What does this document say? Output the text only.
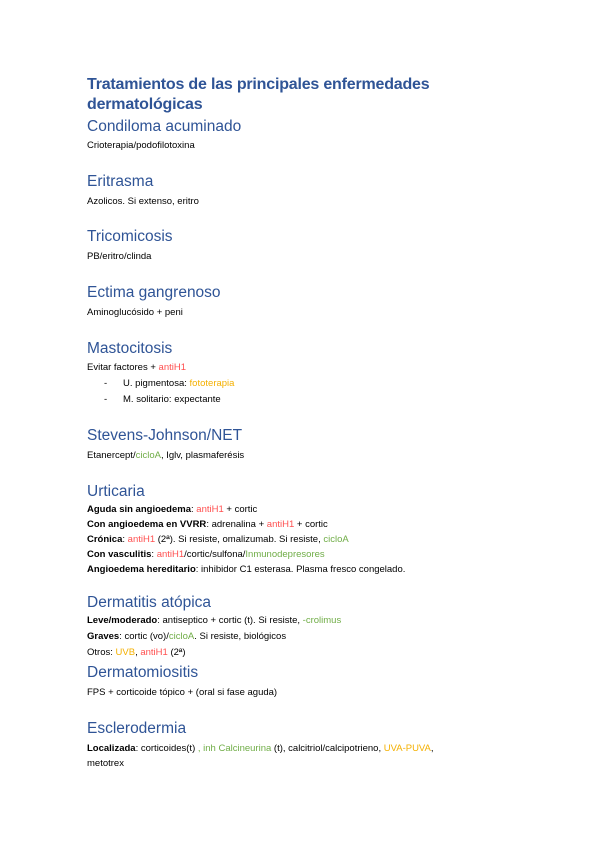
Tratamientos de las principales enfermedades
dermatológicas
Condiloma acuminado
Crioterapia/podofilotoxina
Eritrasma
Azolicos. Si extenso, eritro
Tricomicosis
PB/eritro/clinda
Ectima gangrenoso
Aminoglucósido + peni
Mastocitosis
Evitar factores + antiH1
- U. pigmentosa: fototerapia
- M. solitario: expectante
Stevens-Johnson/NET
Etanercept/cicloA, Iglv, plasmaferésis
Urticaria
Aguda sin angioedema: antiH1 + cortic
Con angioedema en VVRR: adrenalina + antiH1 + cortic
Crónica: antiH1 (2ª). Si resiste, omalizumab. Si resiste, cicloA
Con vasculitis: antiH1/cortic/sulfona/Inmunodepresores
Angioedema hereditario: inhibidor C1 esterasa. Plasma fresco congelado.
Dermatitis atópica
Leve/moderado: antiseptico + cortic (t). Si resiste, -crolimus
Graves: cortic (vo)/cicloA. Si resiste, biológicos
Otros: UVB, antiH1 (2ª)
Dermatomiositis
FPS + corticoide tópico + (oral si fase aguda)
Esclerodermia
Localizada: corticoides(t) , inh Calcineurina (t), calcitriol/calcipotrieno, UVA-PUVA,
metotrex
